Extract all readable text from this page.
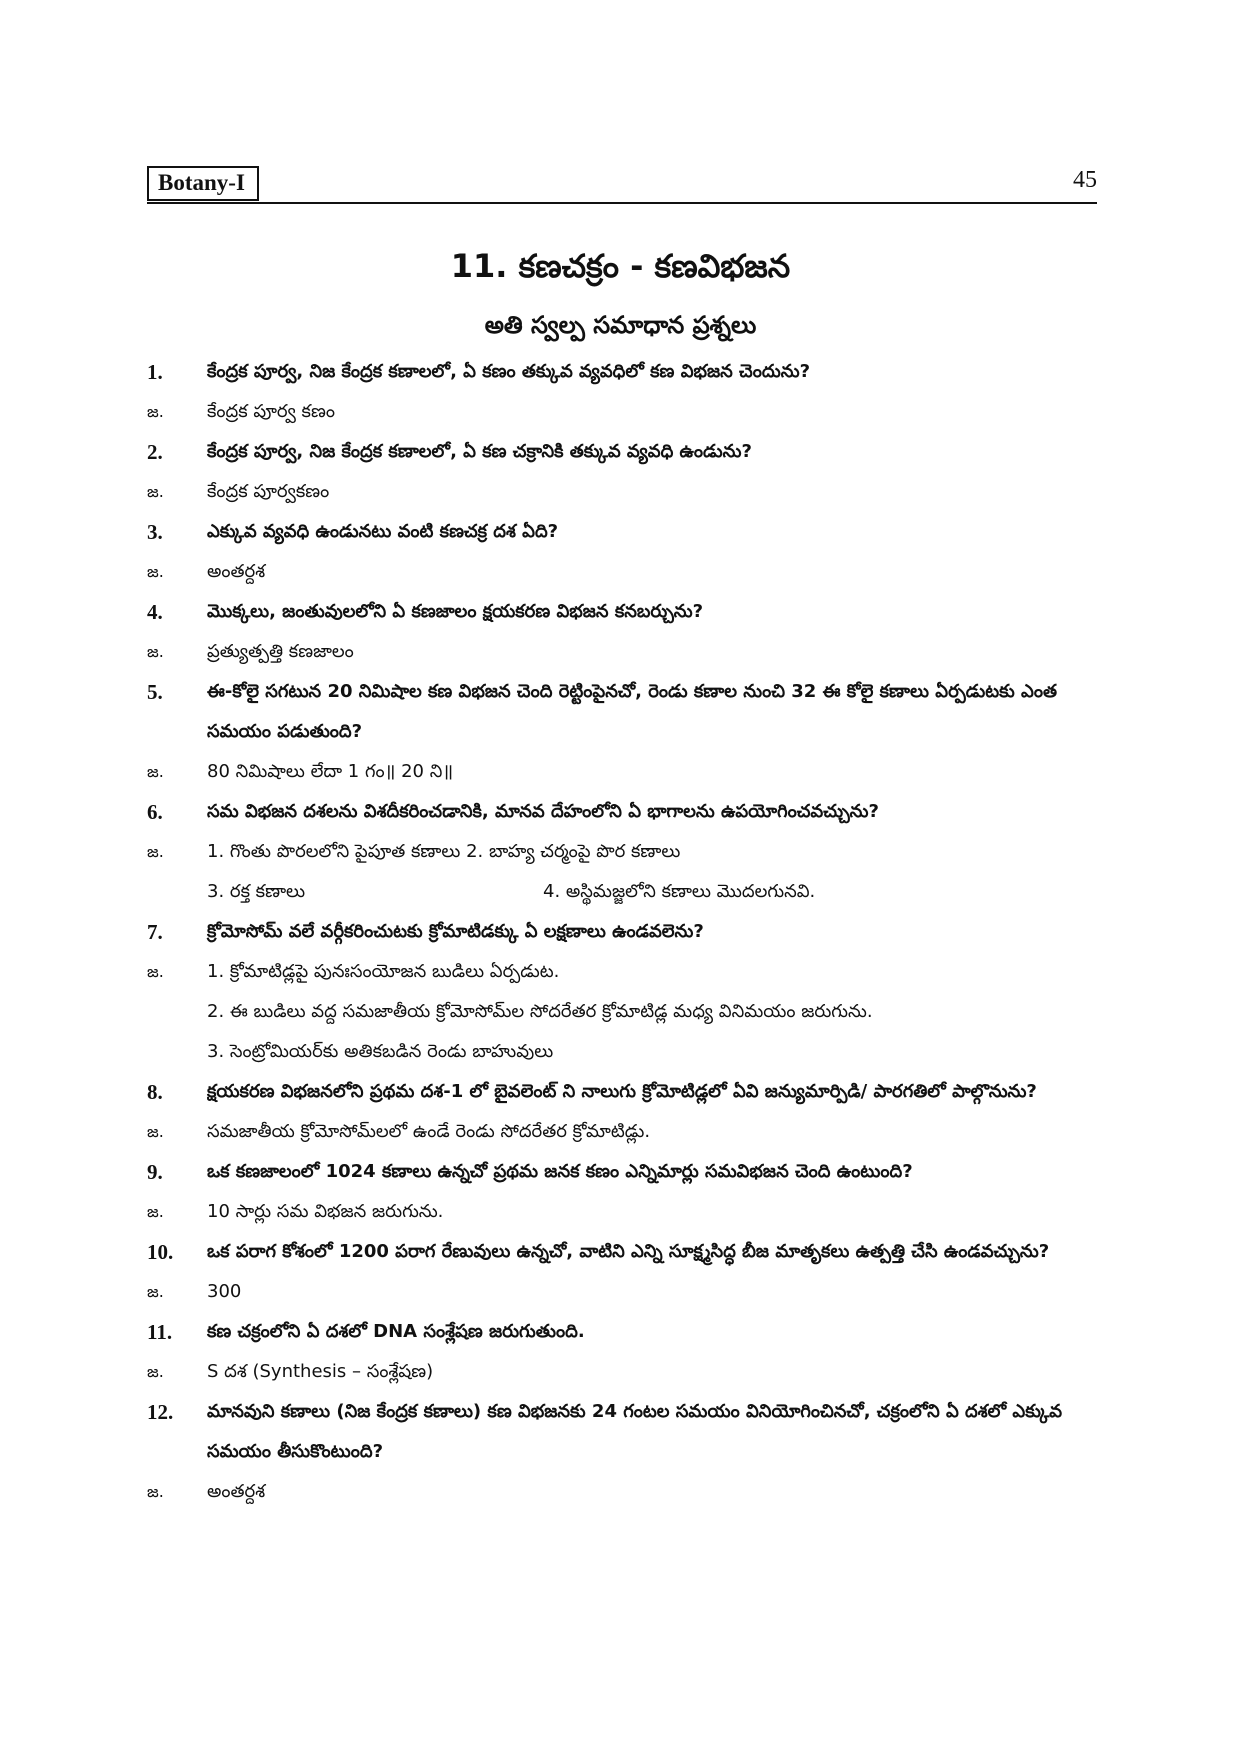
Botany-I	45
11. కణచక్రం - కణవిభజన
అతి స్వల్ప సమాధాన ప్రశ్నలు
1. కేంద్రక పూర్వ, నిజ కేంద్రక కణాలలో, ఏ కణం తక్కువ వ్యవధిలో కణ విభజన చెందును?
జ. కేంద్రక పూర్వ కణం
2. కేంద్రక పూర్వ, నిజ కేంద్రక కణాలలో, ఏ కణ చక్రానికి తక్కువ వ్యవధి ఉండును?
జ. కేంద్రక పూర్వకణం
3. ఎక్కువ వ్యవధి ఉండునటు వంటి కణచక్ర దశ ఏది?
జ. అంతర్దశ
4. మొక్కలు, జంతువులలోని ఏ కణజాలం క్షయకరణ విభజన కనబర్చును?
జ. ప్రత్యుత్పత్తి కణజాలం
5. ఈ-కోలై సగటున 20 నిమిషాల కణ విభజన చెంది రెట్టింపైనచో, రెండు కణాల నుంచి 32 ఈ కోలై కణాలు ఏర్పడుటకు ఎంత సమయం పడుతుంది?
జ. 80 నిమిషాలు లేదా 1 గం॥ 20 ని॥
6. సమ విభజన దశలను విశదీకరించడానికి, మానవ దేహంలోని ఏ భాగాలను ఉపయోగించవచ్చును?
జ. 1. గొంతు పొరలలోని పైపూత కణాలు 2. బాహ్య చర్మంపై పొర కణాలు
3. రక్త కణాలు	4. అస్థిమజ్జలోని కణాలు మొదలగునవి.
7. క్రోమోసోమ్ వలే వర్గీకరించుటకు క్రోమాటిడక్కు ఏ లక్షణాలు ఉండవలెను?
జ. 1. క్రోమాటిడ్లపై పునఃసంయోజన బుడిలు ఏర్పడుట.
2. ఈ బుడిలు వద్ద సమజాతీయ క్రోమోసోమ్‌ల సోదరేతర క్రోమాటిడ్ల మధ్య వినిమయం జరుగును.
3. సెంట్రోమియర్‌కు అతికబడిన రెండు బాహువులు
8. క్షయకరణ విభజనలోని ప్రథమ దశ-1 లో బైవలెంట్ ని నాలుగు క్రోమోటిడ్లలో ఏవి జన్యుమార్పిడి/ పారగతిలో పాల్గొనును?
జ. సమజాతీయ క్రోమోసోమ్‌లలో ఉండే రెండు సోదరేతర క్రోమాటిడ్లు.
9. ఒక కణజాలంలో 1024 కణాలు ఉన్నచో ప్రథమ జనక కణం ఎన్నిమార్లు సమవిభజన చెంది ఉంటుంది?
జ. 10 సార్లు సమ విభజన జరుగును.
10. ఒక పరాగ కోశంలో 1200 పరాగ రేణువులు ఉన్నచో, వాటిని ఎన్ని సూక్ష్మసిద్ధ బీజ మాతృకలు ఉత్పత్తి చేసి ఉండవచ్చును?
జ. 300
11. కణ చక్రంలోని ఏ దశలో DNA సంశ్లేషణ జరుగుతుంది.
జ. S దశ (Synthesis – సంశ్లేషణ)
12. మానవుని కణాలు (నిజ కేంద్రక కణాలు) కణ విభజనకు 24 గంటల సమయం వినియోగించినచో, చక్రంలోని ఏ దశలో ఎక్కువ సమయం తీసుకొంటుంది?
జ. అంతర్దశ
